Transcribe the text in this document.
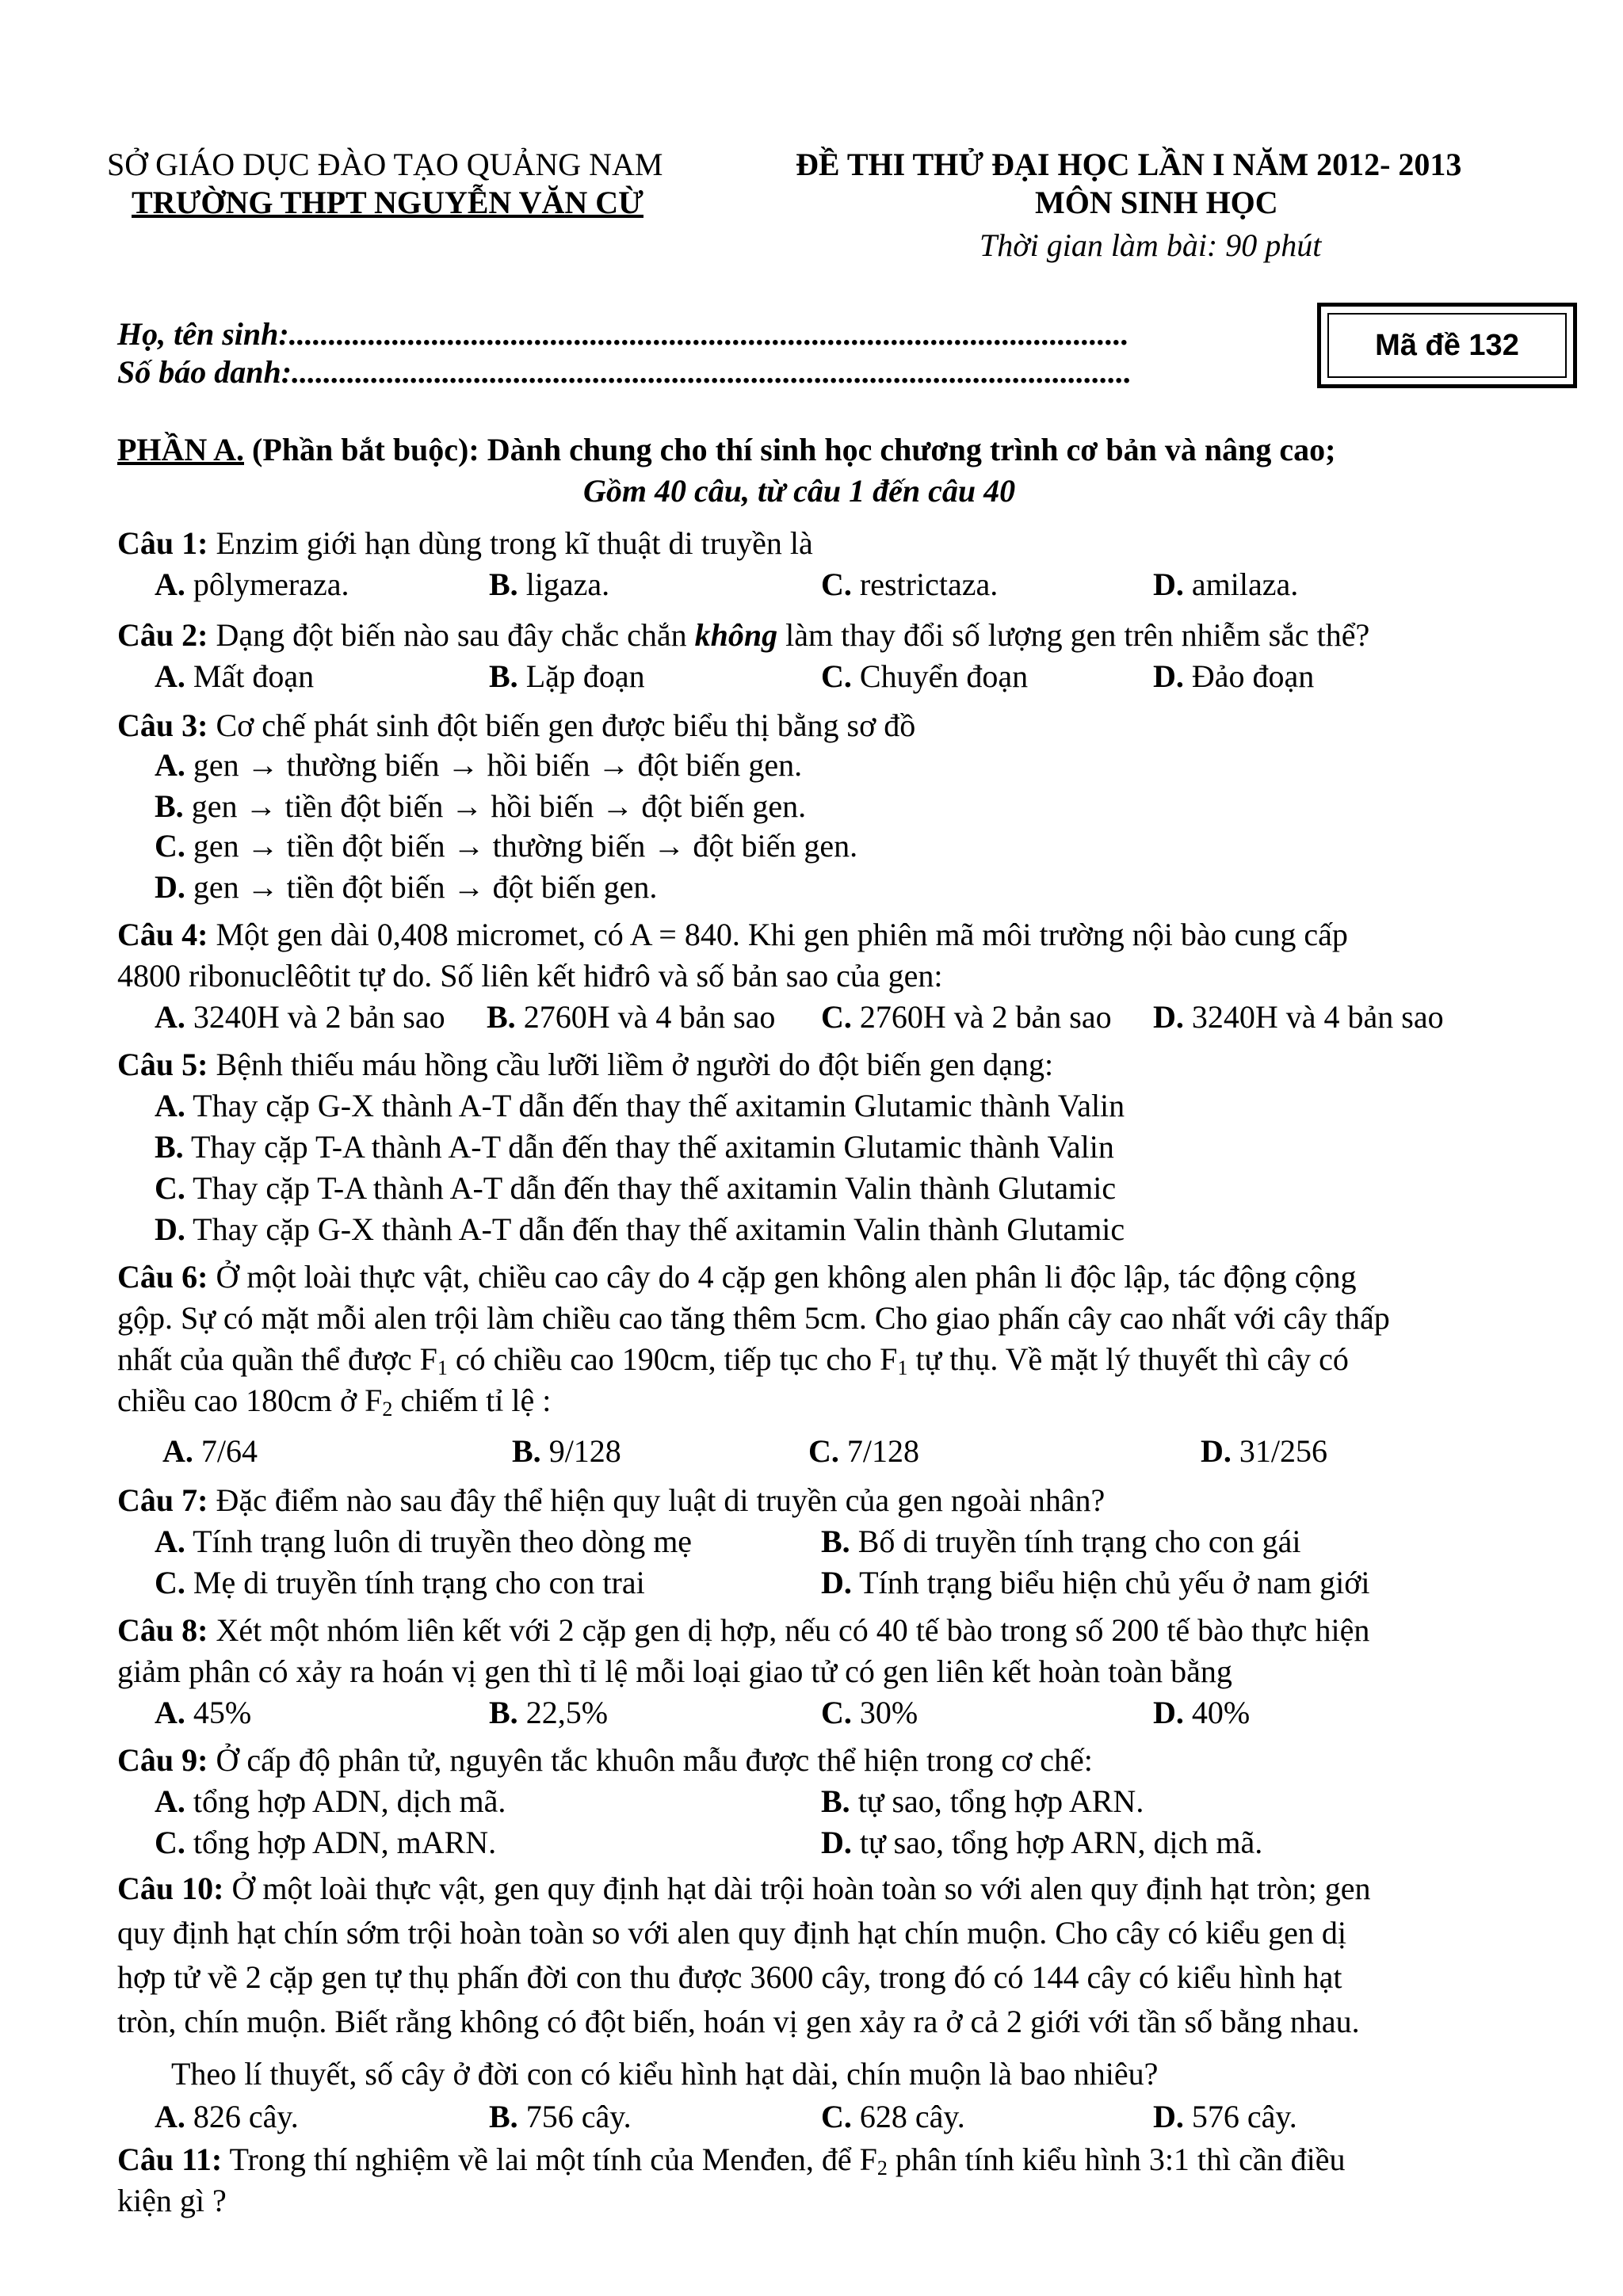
SỞ GIÁO DỤC ĐÀO TẠO QUẢNG NAM
TRƯỜNG THPT NGUYỄN VĂN CỪ
ĐỀ THI THỬ ĐẠI HỌC LẦN I NĂM 2012- 2013
MÔN SINH HỌC
Thời gian làm bài: 90 phút
Họ, tên sinh:..........................................................................................................
Số báo danh:..........................................................................................................
Mã đề 132
PHẦN A. (Phần bắt buộc): Dành chung cho thí sinh học chương trình cơ bản và nâng cao;
Gồm 40 câu, từ câu 1 đến câu 40
Câu 1: Enzim giới hạn dùng trong kĩ thuật di truyền là
A. pôlymeraza.	B. ligaza.	C. restrictaza.	D. amilaza.
Câu 2: Dạng đột biến nào sau đây chắc chắn không làm thay đổi số lượng gen trên nhiễm sắc thể?
A. Mất đoạn	B. Lặp đoạn	C. Chuyển đoạn	D. Đảo đoạn
Câu 3: Cơ chế phát sinh đột biến gen được biểu thị bằng sơ đồ
A. gen → thường biến → hồi biến → đột biến gen.
B. gen → tiền đột biến → hồi biến → đột biến gen.
C. gen → tiền đột biến → thường biến → đột biến gen.
D. gen → tiền đột biến → đột biến gen.
Câu 4: Một gen dài 0,408 micromet, có A = 840. Khi gen phiên mã môi trường nội bào cung cấp
4800 ribonuclêôtit tự do. Số liên kết hiđrô và số bản sao của gen:
A. 3240H và 2 bản sao B. 2760H và 4 bản sao C. 2760H và 2 bản sao D. 3240H và 4 bản sao
Câu 5: Bệnh thiếu máu hồng cầu lưỡi liềm ở người do đột biến gen dạng:
A. Thay cặp G-X thành A-T dẫn đến thay thế axitamin Glutamic thành Valin
B. Thay cặp T-A thành A-T dẫn đến thay thế axitamin Glutamic thành Valin
C. Thay cặp T-A thành A-T dẫn đến thay thế axitamin Valin thành Glutamic
D. Thay cặp G-X thành A-T dẫn đến thay thế axitamin Valin thành Glutamic
Câu 6: Ở một loài thực vật, chiều cao cây do 4 cặp gen không alen phân li độc lập, tác động cộng
gộp. Sự có mặt mỗi alen trội làm chiều cao tăng thêm 5cm. Cho giao phấn cây cao nhất với cây thấp
nhất của quần thể được $F_1$ có chiều cao 190cm, tiếp tục cho $F_1$ tự thụ. Về mặt lý thuyết thì cây có
chiều cao 180cm ở $F_2$ chiếm tỉ lệ :
A. 7/64	B. 9/128	C. 7/128	D. 31/256
Câu 7: Đặc điểm nào sau đây thể hiện quy luật di truyền của gen ngoài nhân?
A. Tính trạng luôn di truyền theo dòng mẹ	B. Bố di truyền tính trạng cho con gái
C. Mẹ di truyền tính trạng cho con trai	D. Tính trạng biểu hiện chủ yếu ở nam giới
Câu 8: Xét một nhóm liên kết với 2 cặp gen dị hợp, nếu có 40 tế bào trong số 200 tế bào thực hiện
giảm phân có xảy ra hoán vị gen thì tỉ lệ mỗi loại giao tử có gen liên kết hoàn toàn bằng
A. 45%	B. 22,5%	C. 30%	D. 40%
Câu 9: Ở cấp độ phân tử, nguyên tắc khuôn mẫu được thể hiện trong cơ chế:
A. tổng hợp ADN, dịch mã.	B. tự sao, tổng hợp ARN.
C. tổng hợp ADN, mARN.	D. tự sao, tổng hợp ARN, dịch mã.
Câu 10: Ở một loài thực vật, gen quy định hạt dài trội hoàn toàn so với alen quy định hạt tròn; gen
quy định hạt chín sớm trội hoàn toàn so với alen quy định hạt chín muộn. Cho cây có kiểu gen dị
hợp tử về 2 cặp gen tự thụ phấn đời con thu được 3600 cây, trong đó có 144 cây có kiểu hình hạt
tròn, chín muộn. Biết rằng không có đột biến, hoán vị gen xảy ra ở cả 2 giới với tần số bằng nhau.
Theo lí thuyết, số cây ở đời con có kiểu hình hạt dài, chín muộn là bao nhiêu?
A. 826 cây.	B. 756 cây.	C. 628 cây.	D. 576 cây.
Câu 11: Trong thí nghiệm về lai một tính của Menđen, để $F_2$ phân tính kiểu hình 3:1 thì cần điều
kiện gì ?
